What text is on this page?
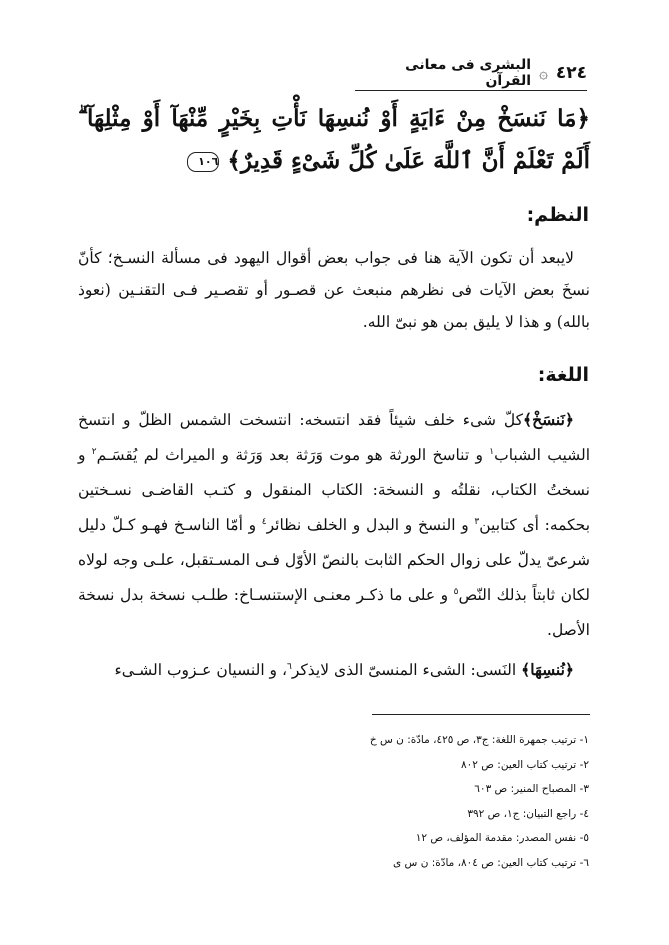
٤٢٤
۞
البشرى فى معانى القرآن
﴿مَا نَنسَخْ مِنْ ءَايَةٍ أَوْ نُنسِهَا نَأْتِ بِخَيْرٍ مِّنْهَآ أَوْ مِثْلِهَآ ۗ أَلَمْ تَعْلَمْ أَنَّ ٱللَّهَ عَلَىٰ كُلِّ شَىْءٍ قَدِيرٌ﴾ ١٠٦
النظم:

لايبعد أن تكون الآية هنا فى جواب بعض أقوال اليهود فى مسألة النسـخ؛ كأنّ نسخَ بعض الآيات فى نظرهم منبعث عن قصـور أو تقصـير فـى التقنـين (نعوذ بالله) و هذا لا يليق بمن هو نبىّ الله.

اللغة:

﴿نَنسَخْ﴾كلّ شىء خلف شيئاً فقد انتسخه: انتسخت الشمس الظلّ و انتسخ الشيب الشباب$^١$ و تناسخ الورثة هو موت وَرَثة بعد وَرَثة و الميراث لم يُقسَـم$^٢$ و نسختُ الكتاب، نقلتُه و النسخة: الكتاب المنقول و كتـب القاضـى نسـختين بحكمه: أى كتابين$^٣$ و النسخ و البدل و الخلف نظائر$^٤$ و أمّا الناسـخ فهـو كـلّ دليل شرعىّ يدلّ على زوال الحكم الثابت بالنصّ الأوّل فـى المسـتقبل، علـى وجه لولاه لكان ثابتاً بذلك النّص$^٥$ و على ما ذكـر معنـى الإستنسـاخ: طلـب نسخة بدل نسخة الأصل.

﴿نُنسِهَا﴾ النَسى: الشىء المنسىّ الذى لايذكر$^٦$، و النسيان عـزوب الشـىء

١- ترتيب جمهرة اللغة: ج٣، ص ٤٢٥، مادّة: ن س خ
٢- ترتيب كتاب العين: ص ٨٠٢
٣- المصباح المنير: ص ٦٠٣
٤- راجع التبيان: ج١، ص ٣٩٢
٥- نفس المصدر: مقدمة المؤلف، ص ١٢
٦- ترتيب كتاب العين: ص ٨٠٤، مادّة: ن س ى
